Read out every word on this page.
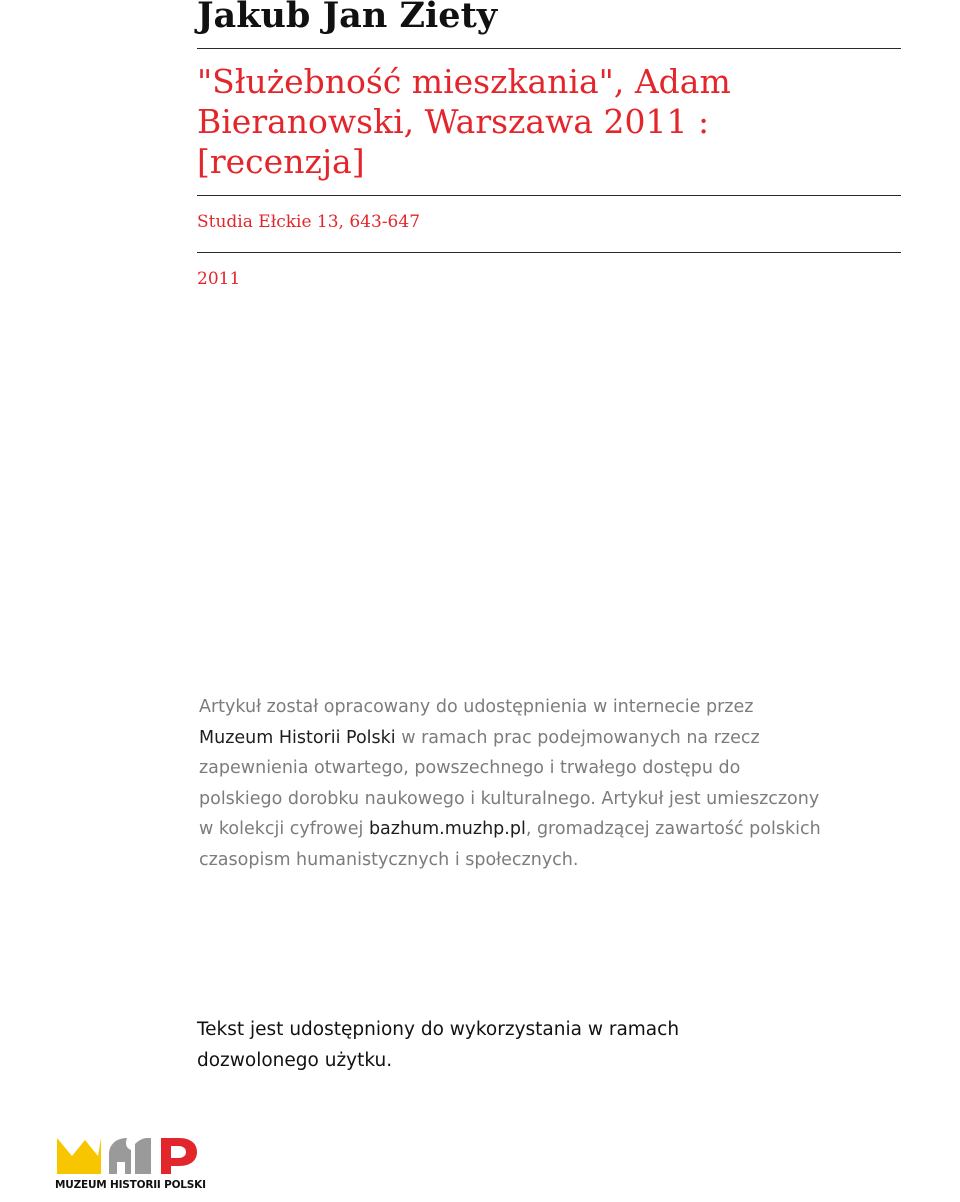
Jakub Jan Ziety
"Służebność mieszkania", Adam Bieranowski, Warszawa 2011 : [recenzja]
Studia Ełckie 13, 643-647
2011

Artykuł został opracowany do udostępnienia w internecie przez
Muzeum Historii Polski w ramach prac podejmowanych na rzecz
zapewnienia otwartego, powszechnego i trwałego dostępu do
polskiego dorobku naukowego i kulturalnego. Artykuł jest umieszczony
w kolekcji cyfrowej bazhum.muzhp.pl, gromadzącej zawartość polskich
czasopism humanistycznych i społecznych.

Tekst jest udostępniony do wykorzystania w ramach
dozwolonego użytku.

MUZEUM HISTORII POLSKI
